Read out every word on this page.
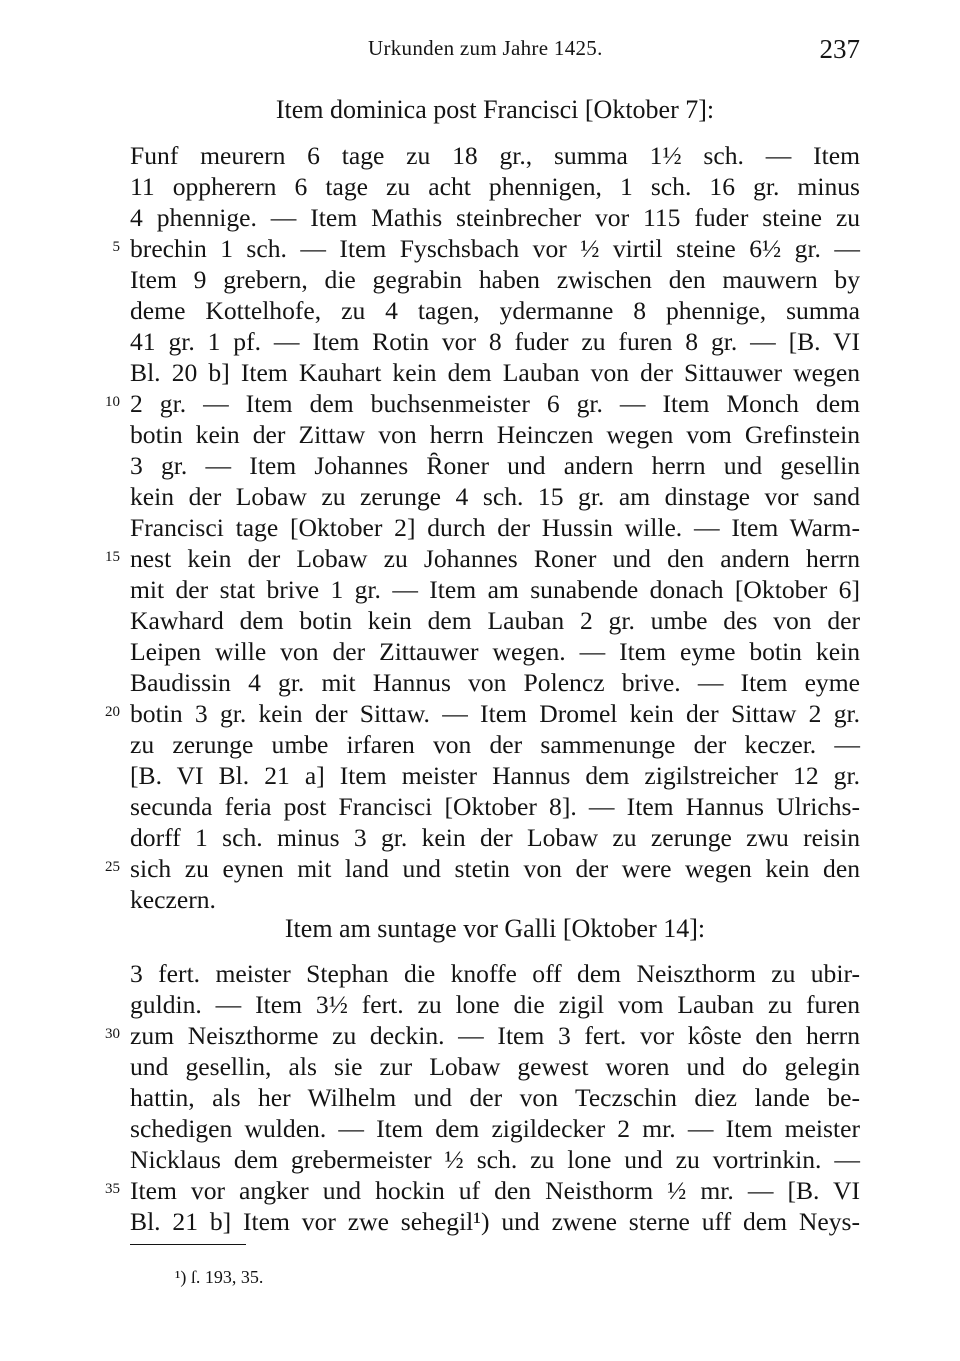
Urkunden zum Jahre 1425.	237
Item dominica post Francisci [Oktober 7]:
Funf meurern 6 tage zu 18 gr., summa 1½ sch. — Item
11 oppherern 6 tage zu acht phennigen, 1 sch. 16 gr. minus
4 phennige. — Item Mathis steinbrecher vor 115 fuder steine zu
brechin 1 sch. — Item Fyschsbach vor ½ virtil steine 6½ gr. —
Item 9 grebern, die gegrabin haben zwischen den mauwern by
deme Kottelhofe, zu 4 tagen, ydermanne 8 phennige, summa
41 gr. 1 pf. — Item Rotin vor 8 fuder zu furen 8 gr. — [B. VI
Bl. 20 b] Item Kauhart kein dem Lauban von der Sittauwer wegen
2 gr. — Item dem buchsenmeister 6 gr. — Item Monch dem
botin kein der Zittaw von herrn Heinczen wegen vom Grefinstein
3 gr. — Item Johannes Ȓoner und andern herrn und gesellin
kein der Lobaw zu zerunge 4 sch. 15 gr. am dinstage vor sand
Francisci tage [Oktober 2] durch der Hussin wille. — Item Warm-
nest kein der Lobaw zu Johannes Roner und den andern herrn
mit der stat brive 1 gr. — Item am sunabende donach [Oktober 6]
Kawhard dem botin kein dem Lauban 2 gr. umbe des von der
Leipen wille von der Zittauwer wegen. — Item eyme botin kein
Baudissin 4 gr. mit Hannus von Polencz brive. — Item eyme
botin 3 gr. kein der Sittaw. — Item Dromel kein der Sittaw 2 gr.
zu zerunge umbe irfaren von der sammenunge der keczer. —
[B. VI Bl. 21 a] Item meister Hannus dem zigilstreicher 12 gr.
secunda feria post Francisci [Oktober 8]. — Item Hannus Ulrichs-
dorff 1 sch. minus 3 gr. kein der Lobaw zu zerunge zwu reisin
sich zu eynen mit land und stetin von der were wegen kein den
keczern.
Item am suntage vor Galli [Oktober 14]:
3 fert. meister Stephan die knoffe off dem Neiszthorm zu ubir-
guldin. — Item 3½ fert. zu lone die zigil vom Lauban zu furen
zum Neiszthorme zu deckin. — Item 3 fert. vor kôste den herrn
und gesellin, als sie zur Lobaw gewest woren und do gelegin
hattin, als her Wilhelm und der von Teczschin diez lande be-
schedigen wulden. — Item dem zigildecker 2 mr. — Item meister
Nicklaus dem grebermeister ½ sch. zu lone und zu vortrinkin. —
Item vor angker und hockin uf den Neisthorm ½ mr. — [B. VI
Bl. 21 b] Item vor zwe sehegil¹) und zwene sterne uff dem Neys-
5
10
15
20
25
30
35
¹) ſ. 193, 35.
